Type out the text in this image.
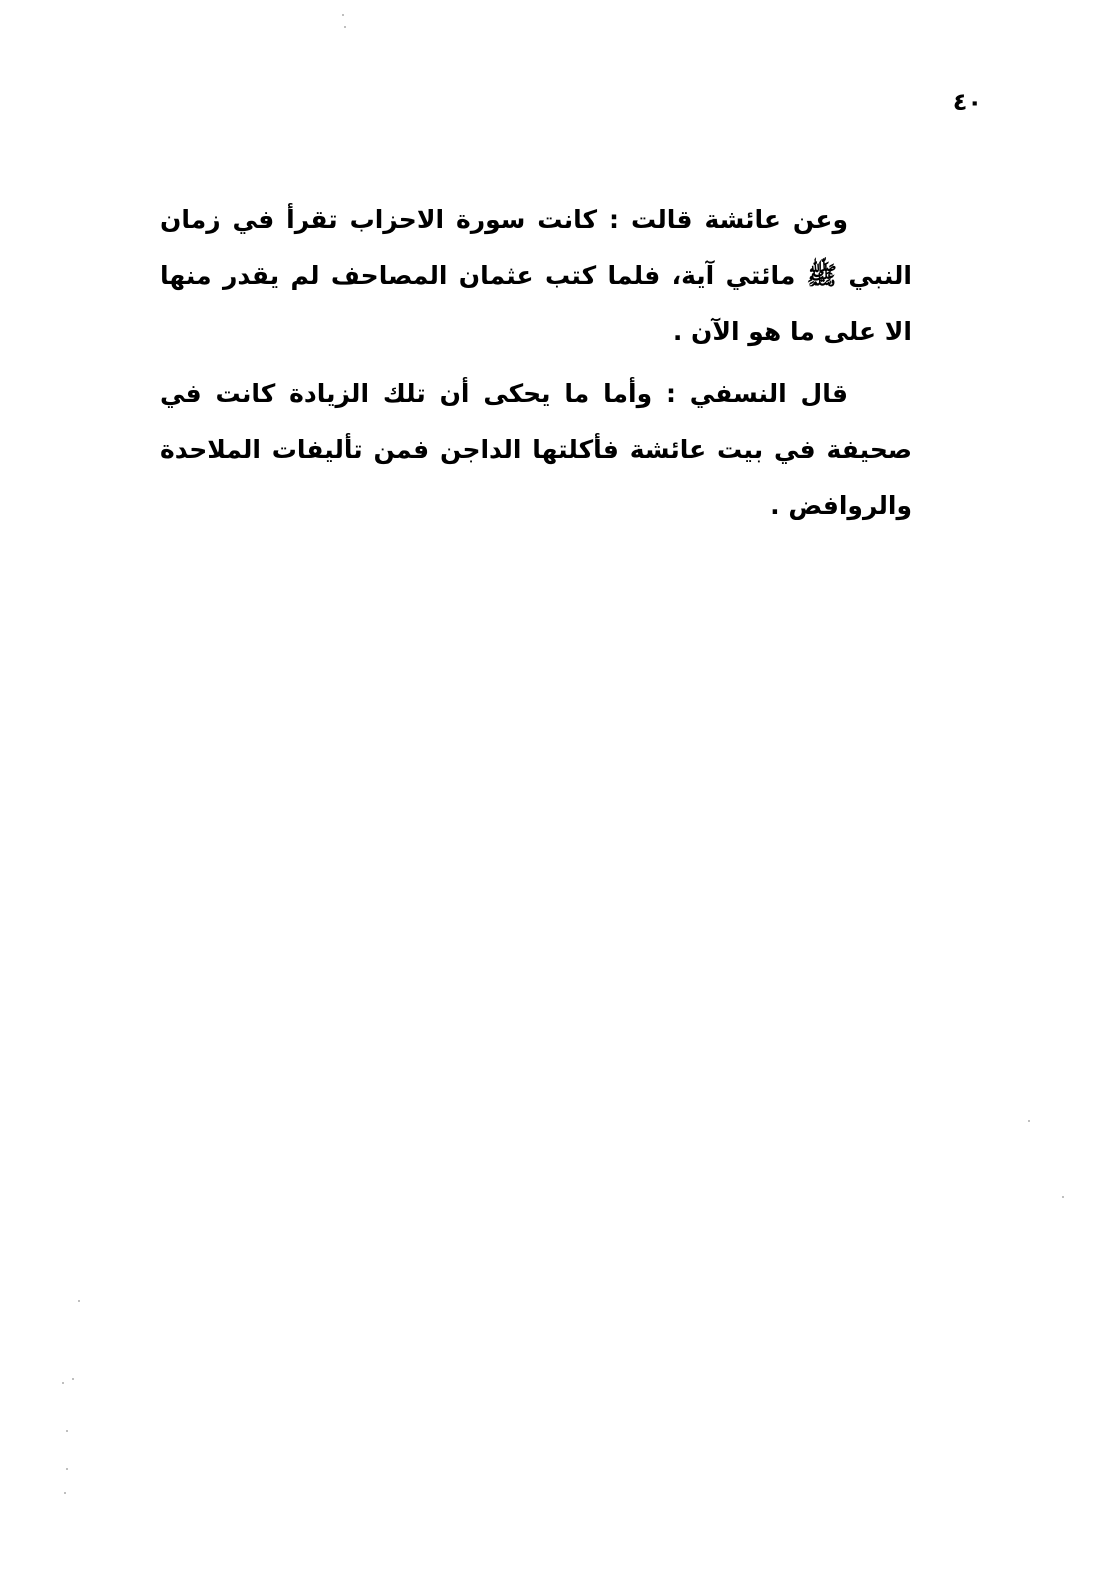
٤٠

وعن عائشة قالت : كانت سورة الاحزاب تقرأ في زمان النبي ﷺ مائتي آية، فلما كتب عثمان المصاحف لم يقدر منها الا على ما هو الآن .

قال النسفي : وأما ما يحكى أن تلك الزيادة كانت في صحيفة في بيت عائشة فأكلتها الداجن فمن تأليفات الملاحدة والروافض .
